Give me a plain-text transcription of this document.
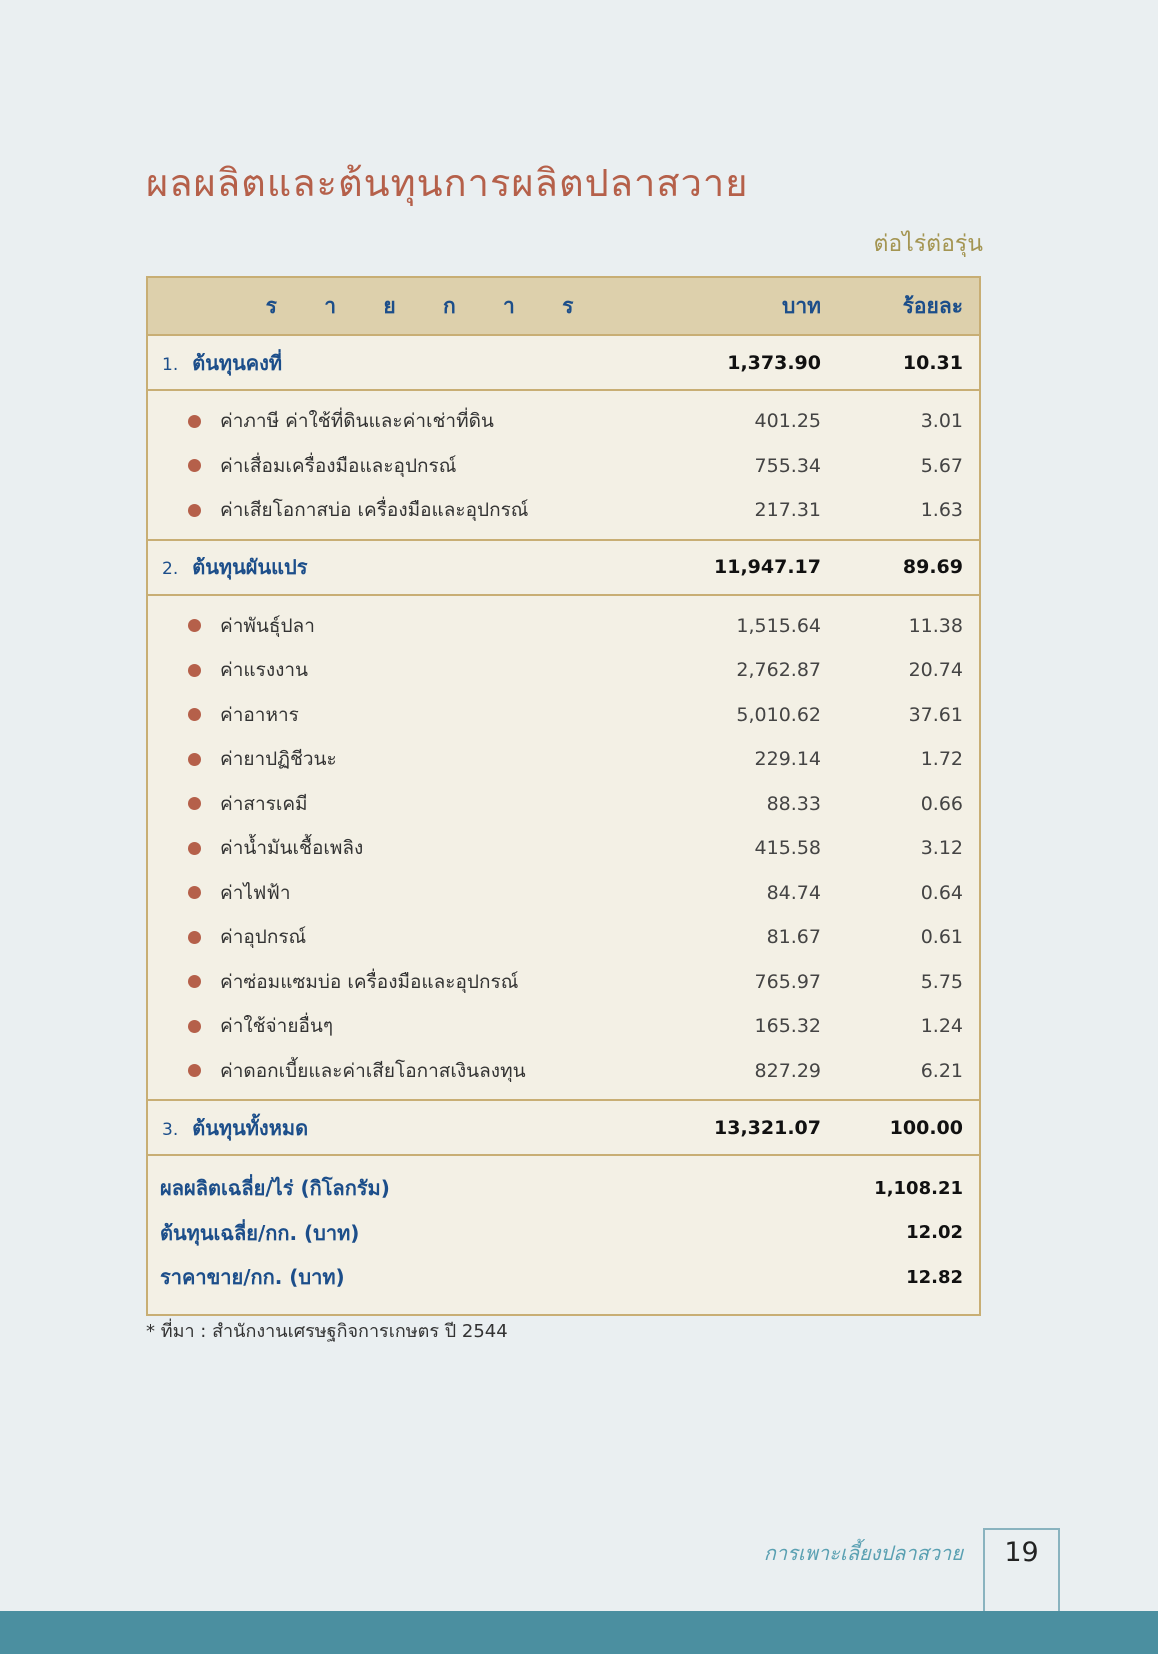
ผลผลิตและต้นทุนการผลิตปลาสวาย
ต่อไร่ต่อรุ่น
ร า ย ก า ร	บาท	ร้อยละ
1. ต้นทุนคงที่	1,373.90	10.31
ค่าภาษี ค่าใช้ที่ดินและค่าเช่าที่ดิน	401.25	3.01
ค่าเสื่อมเครื่องมือและอุปกรณ์	755.34	5.67
ค่าเสียโอกาสบ่อ เครื่องมือและอุปกรณ์	217.31	1.63
2. ต้นทุนผันแปร	11,947.17	89.69
ค่าพันธุ์ปลา	1,515.64	11.38
ค่าแรงงาน	2,762.87	20.74
ค่าอาหาร	5,010.62	37.61
ค่ายาปฏิชีวนะ	229.14	1.72
ค่าสารเคมี	88.33	0.66
ค่าน้ำมันเชื้อเพลิง	415.58	3.12
ค่าไฟฟ้า	84.74	0.64
ค่าอุปกรณ์	81.67	0.61
ค่าซ่อมแซมบ่อ เครื่องมือและอุปกรณ์	765.97	5.75
ค่าใช้จ่ายอื่นๆ	165.32	1.24
ค่าดอกเบี้ยและค่าเสียโอกาสเงินลงทุน	827.29	6.21
3. ต้นทุนทั้งหมด	13,321.07	100.00
ผลผลิตเฉลี่ย/ไร่ (กิโลกรัม)	1,108.21
ต้นทุนเฉลี่ย/กก. (บาท)	12.02
ราคาขาย/กก. (บาท)	12.82
* ที่มา : สำนักงานเศรษฐกิจการเกษตร ปี 2544
การเพาะเลี้ยงปลาสวาย	19
